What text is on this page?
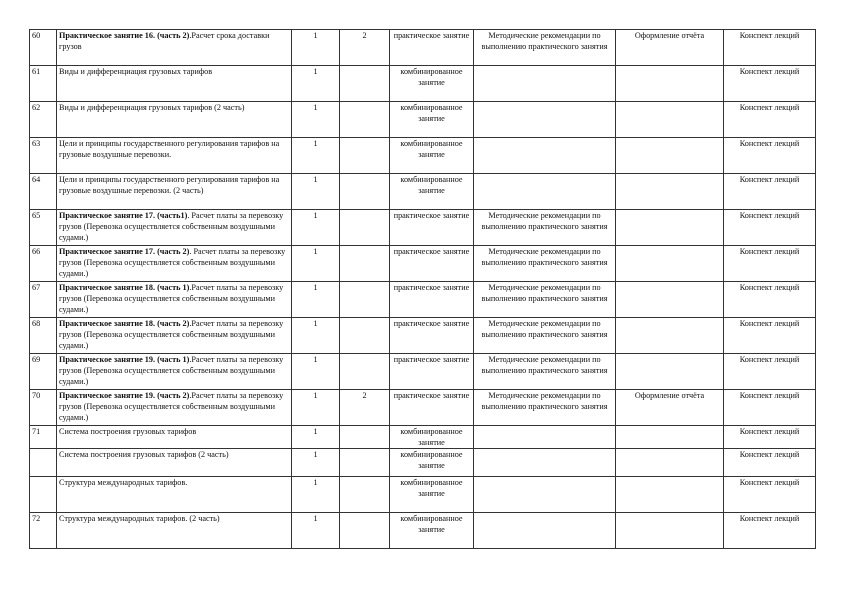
60	Практическое занятие 16. (часть 2).Расчет срока доставки грузов	1	2	практическое занятие	Методические рекомендации по выполнению практического занятия	Оформление отчёта	Конспект лекций
61	Виды и дифференциация грузовых тарифов	1		комбинированное занятие			Конспект лекций
62	Виды и дифференциация грузовых тарифов (2 часть)	1		комбинированное занятие			Конспект лекций
63	Цели и принципы государственного регулирования тарифов на грузовые воздушные перевозки.	1		комбинированное занятие			Конспект лекций
64	Цели и принципы государственного регулирования тарифов на грузовые воздушные перевозки. (2 часть)	1		комбинированное занятие			Конспект лекций
65	Практическое занятие 17. (часть1). Расчет платы за перевозку грузов (Перевозка осуществляется собственным воздушными судами.)	1		практическое занятие	Методические рекомендации по выполнению практического занятия		Конспект лекций
66	Практическое занятие 17. (часть 2). Расчет платы за перевозку грузов (Перевозка осуществляется собственным воздушными судами.)	1		практическое занятие	Методические рекомендации по выполнению практического занятия		Конспект лекций
67	Практическое занятие 18. (часть 1).Расчет платы за перевозку грузов (Перевозка осуществляется собственным воздушными судами.)	1		практическое занятие	Методические рекомендации по выполнению практического занятия		Конспект лекций
68	Практическое занятие 18. (часть 2).Расчет платы за перевозку грузов (Перевозка осуществляется собственным воздушными судами.)	1		практическое занятие	Методические рекомендации по выполнению практического занятия		Конспект лекций
69	Практическое занятие 19. (часть 1).Расчет платы за перевозку грузов (Перевозка осуществляется собственным воздушными судами.)	1		практическое занятие	Методические рекомендации по выполнению практического занятия		Конспект лекций
70	Практическое занятие 19. (часть 2).Расчет платы за перевозку грузов (Перевозка осуществляется собственным воздушными судами.)	1	2	практическое занятие	Методические рекомендации по выполнению практического занятия	Оформление отчёта	Конспект лекций
71	Система построения грузовых тарифов	1		комбинированное занятие			Конспект лекций
	Система построения грузовых тарифов (2 часть)	1		комбинированное занятие			Конспект лекций
	Структура международных тарифов.	1		комбинированное занятие			Конспект лекций
72	Структура международных тарифов. (2 часть)	1		комбинированное занятие			Конспект лекций
